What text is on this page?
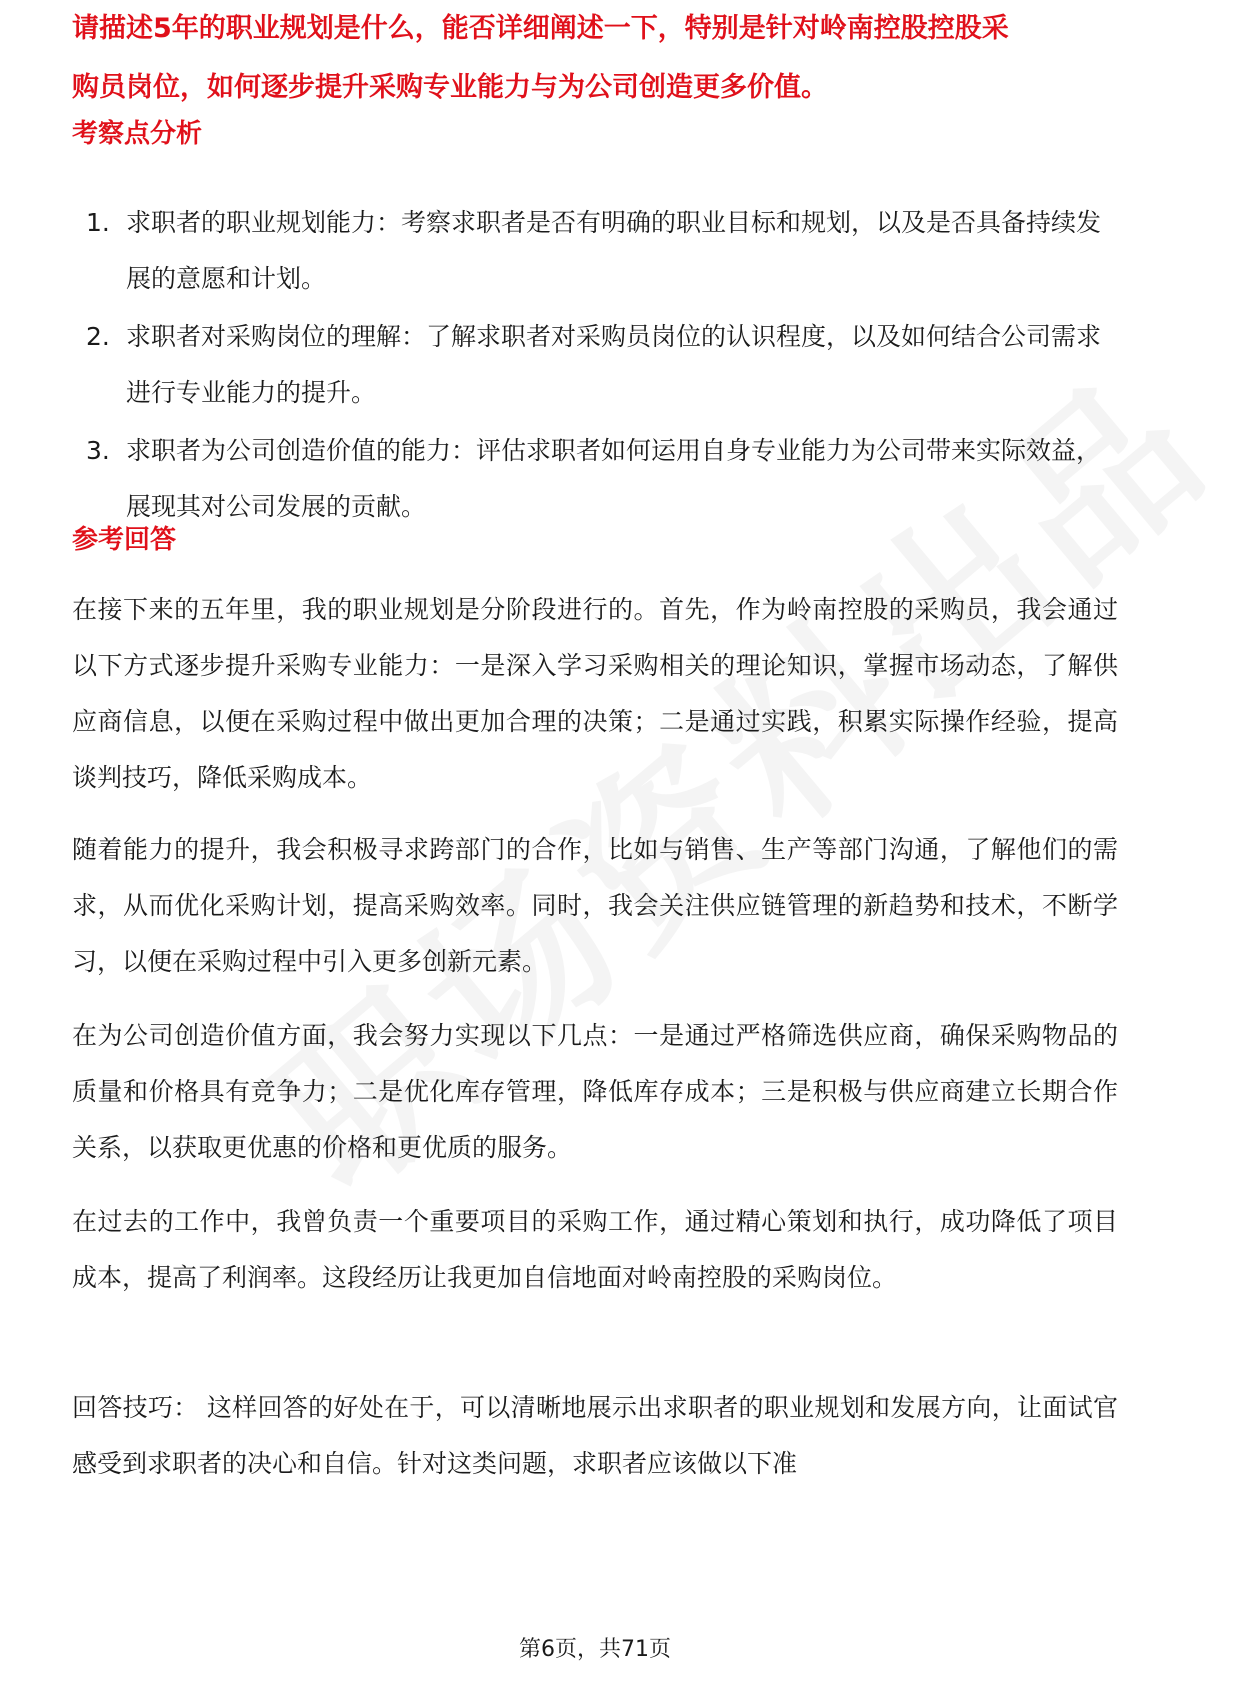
请描述5年的职业规划是什么，能否详细阐述一下，特别是针对岭南控股控股采
购员岗位，如何逐步提升采购专业能力与为公司创造更多价值。
考察点分析
1. 求职者的职业规划能力：考察求职者是否有明确的职业目标和规划，以及是否具备持续发展的意愿和计划。
2. 求职者对采购岗位的理解：了解求职者对采购员岗位的认识程度，以及如何结合公司需求进行专业能力的提升。
3. 求职者为公司创造价值的能力：评估求职者如何运用自身专业能力为公司带来实际效益，展现其对公司发展的贡献。
参考回答
在接下来的五年里，我的职业规划是分阶段进行的。首先，作为岭南控股的采购员，我会通过以下方式逐步提升采购专业能力：一是深入学习采购相关的理论知识，掌握市场动态，了解供应商信息，以便在采购过程中做出更加合理的决策；二是通过实践，积累实际操作经验，提高谈判技巧，降低采购成本。
随着能力的提升，我会积极寻求跨部门的合作，比如与销售、生产等部门沟通，了解他们的需求，从而优化采购计划，提高采购效率。同时，我会关注供应链管理的新趋势和技术，不断学习，以便在采购过程中引入更多创新元素。
在为公司创造价值方面，我会努力实现以下几点：一是通过严格筛选供应商，确保采购物品的质量和价格具有竞争力；二是优化库存管理，降低库存成本；三是积极与供应商建立长期合作关系，以获取更优惠的价格和更优质的服务。
在过去的工作中，我曾负责一个重要项目的采购工作，通过精心策划和执行，成功降低了项目成本，提高了利润率。这段经历让我更加自信地面对岭南控股的采购岗位。
回答技巧： 这样回答的好处在于，可以清晰地展示出求职者的职业规划和发展方向，让面试官感受到求职者的决心和自信。针对这类问题，求职者应该做以下准
第6页，共71页
